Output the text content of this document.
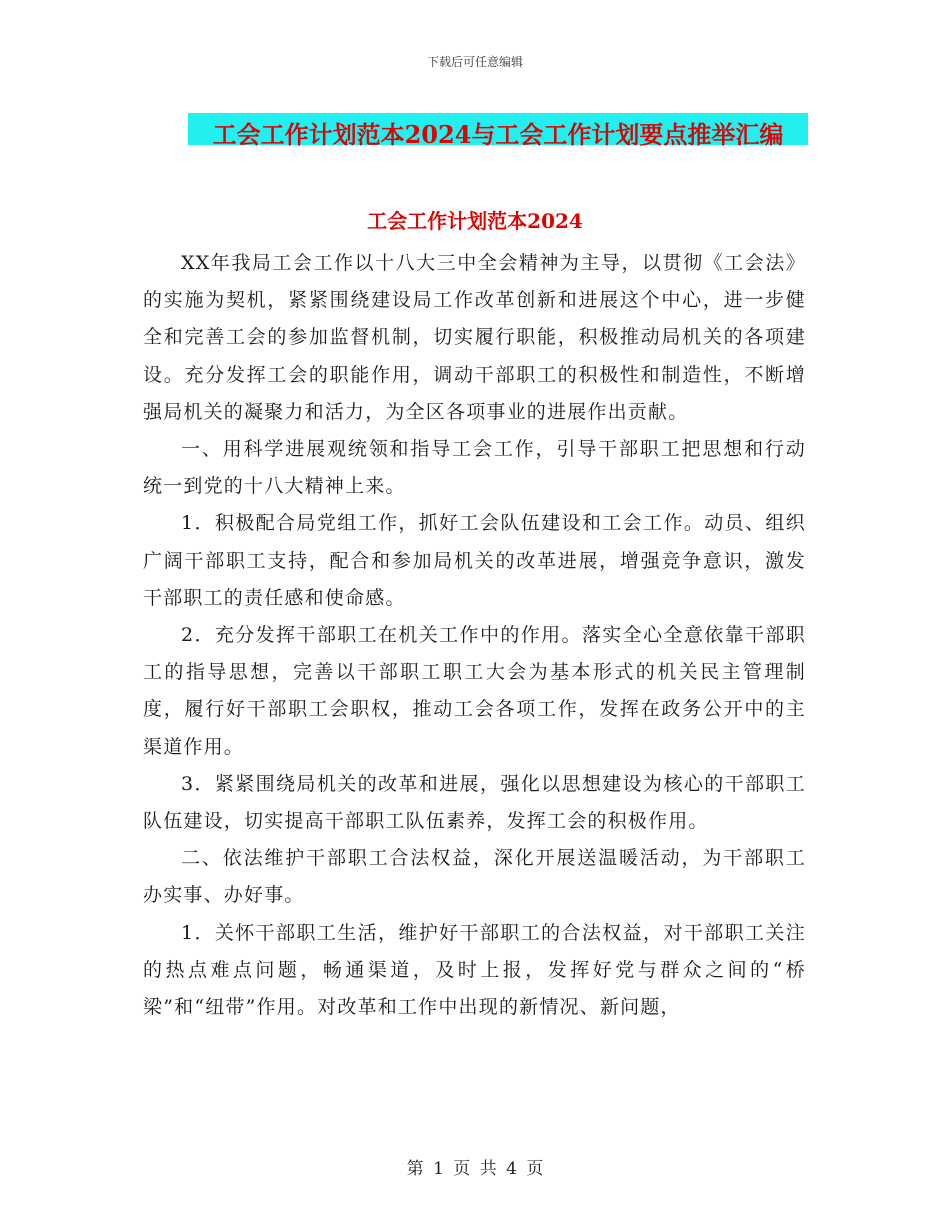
下载后可任意编辑
工会工作计划范本2024与工会工作计划要点推举汇编
工会工作计划范本2024

XX年我局工会工作以十八大三中全会精神为主导，以贯彻《工会法》的实施为契机，紧紧围绕建设局工作改革创新和进展这个中心，进一步健全和完善工会的参加监督机制，切实履行职能，积极推动局机关的各项建设。充分发挥工会的职能作用，调动干部职工的积极性和制造性，不断增强局机关的凝聚力和活力，为全区各项事业的进展作出贡献。

一、用科学进展观统领和指导工会工作，引导干部职工把思想和行动统一到党的十八大精神上来。

1．积极配合局党组工作，抓好工会队伍建设和工会工作。动员、组织广阔干部职工支持，配合和参加局机关的改革进展，增强竞争意识，激发干部职工的责任感和使命感。

2．充分发挥干部职工在机关工作中的作用。落实全心全意依靠干部职工的指导思想，完善以干部职工职工大会为基本形式的机关民主管理制度，履行好干部职工会职权，推动工会各项工作，发挥在政务公开中的主渠道作用。

3．紧紧围绕局机关的改革和进展，强化以思想建设为核心的干部职工队伍建设，切实提高干部职工队伍素养，发挥工会的积极作用。

二、依法维护干部职工合法权益，深化开展送温暖活动，为干部职工办实事、办好事。

1．关怀干部职工生活，维护好干部职工的合法权益，对干部职工关注的热点难点问题，畅通渠道，及时上报，发挥好党与群众之间的“桥梁”和“纽带”作用。对改革和工作中出现的新情况、新问题，

第 1 页 共 4 页
